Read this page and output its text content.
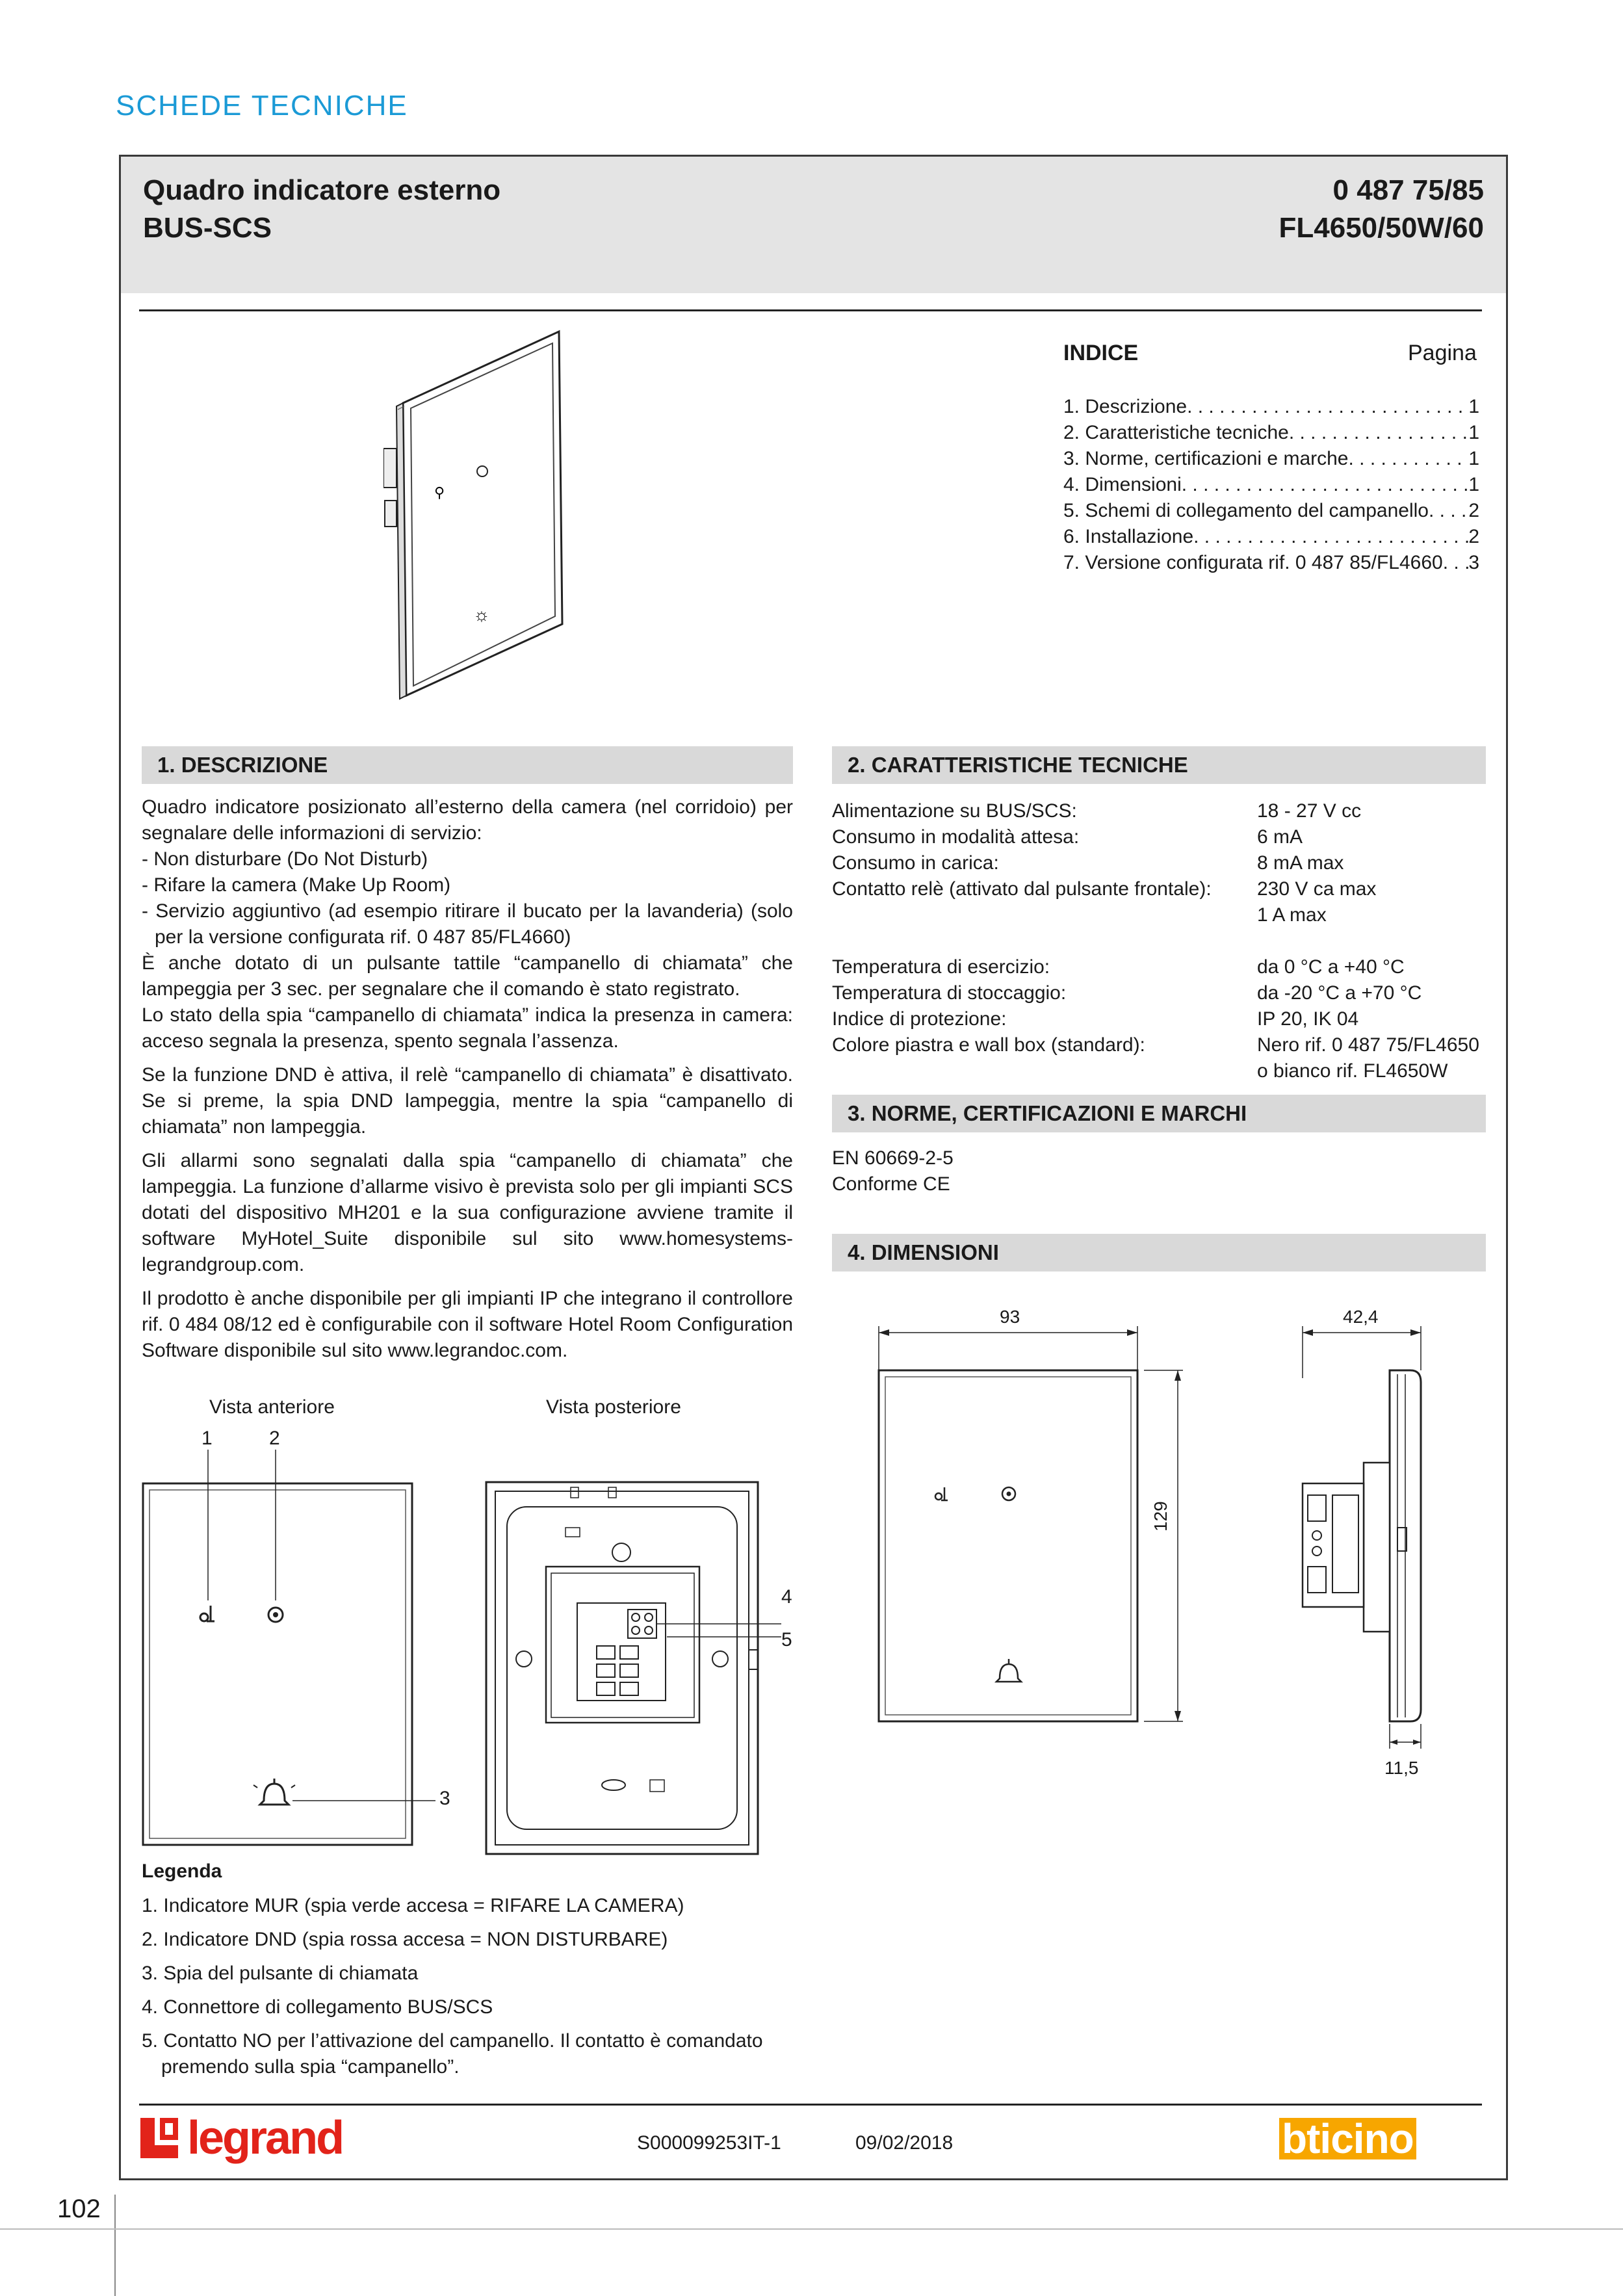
SCHEDE TECNICHE
Quadro indicatore esterno
BUS-SCS
0 487 75/85
FL4650/50W/60
⚲
☼
INDICE	Pagina
1. Descrizione . . .	1
2. Caratteristiche tecniche . . .	1
3. Norme, certificazioni e marche . . .	1
4. Dimensioni . . .	1
5. Schemi di collegamento del campanello . . . 2
6. Installazione . . .	2
7. Versione configurata rif. 0 487 85/FL4660 . . . 3
1. DESCRIZIONE
Quadro indicatore posizionato all’esterno della camera (nel corridoio) per segnalare delle informazioni di servizio:
- Non disturbare (Do Not Disturb)
- Rifare la camera (Make Up Room)
- Servizio aggiuntivo (ad esempio ritirare il bucato per la lavanderia) (solo per la versione configurata rif. 0 487 85/FL4660)
È anche dotato di un pulsante tattile “campanello di chiamata” che lampeggia per 3 sec. per segnalare che il comando è stato registrato.
Lo stato della spia “campanello di chiamata” indica la presenza in camera: acceso segnala la presenza, spento segnala l’assenza.
Se la funzione DND è attiva, il relè “campanello di chiamata” è disattivato. Se si preme, la spia DND lampeggia, mentre la spia “campanello di chiamata” non lampeggia.
Gli allarmi sono segnalati dalla spia “campanello di chiamata” che lampeggia. La funzione d’allarme visivo è prevista solo per gli impianti SCS dotati del dispositivo MH201 e la sua configurazione avviene tramite il software MyHotel_Suite disponibile sul sito www.homesystems-legrandgroup.com.
Il prodotto è anche disponibile per gli impianti IP che integrano il controllore rif. 0 484 08/12 ed è configurabile con il software Hotel Room Configuration Software disponibile sul sito www.legrandoc.com.
Vista anteriore	Vista posteriore
1	2
3
4
5
Legenda
1. Indicatore MUR (spia verde accesa = RIFARE LA CAMERA)
2. Indicatore DND (spia rossa accesa = NON DISTURBARE)
3. Spia del pulsante di chiamata
4. Connettore di collegamento BUS/SCS
5. Contatto NO per l’attivazione del campanello. Il contatto è comandato premendo sulla spia “campanello”.
2. CARATTERISTICHE TECNICHE
Alimentazione su BUS/SCS:	18 - 27 V cc
Consumo in modalità attesa:	6 mA
Consumo in carica:	8 mA max
Contatto relè (attivato dal pulsante frontale):	230 V ca max
1 A max
Temperatura di esercizio:	da 0 °C a +40 °C
Temperatura di stoccaggio:	da -20 °C a +70 °C
Indice di protezione:	IP 20, IK 04
Colore piastra e wall box (standard):	Nero rif. 0 487 75/FL4650
o bianco rif. FL4650W
3. NORME, CERTIFICAZIONI E MARCHI
EN 60669-2-5
Conforme CE
4. DIMENSIONI
93
129
42,4
11,5
legrand	S000099253IT-1	09/02/2018	bticino
102
